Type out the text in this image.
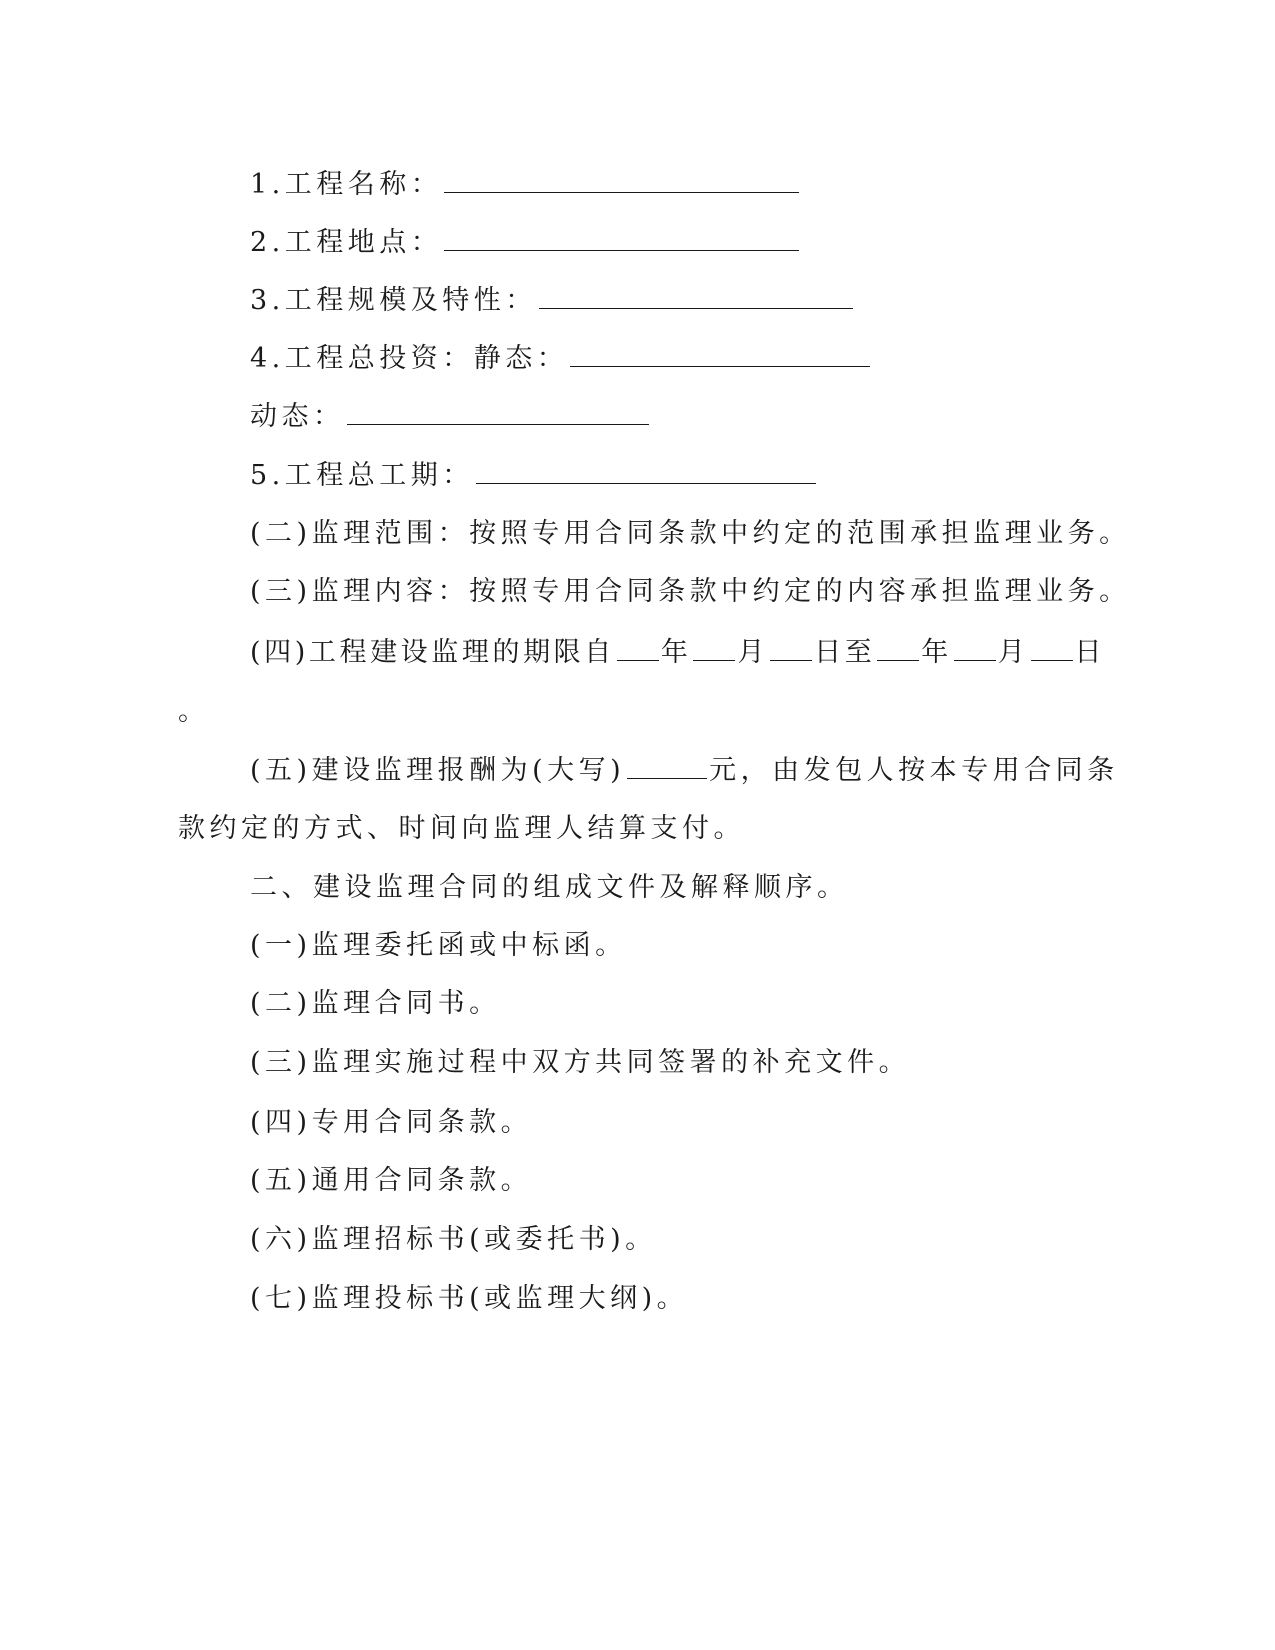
1.工程名称：
2.工程地点：
3.工程规模及特性：
4.工程总投资：静态：
动态：
5.工程总工期：
(二)监理范围：按照专用合同条款中约定的范围承担监理业务。
(三)监理内容：按照专用合同条款中约定的内容承担监理业务。
(四)工程建设监理的期限自 年 月 日至 年 月 日
。
(五)建设监理报酬为(大写)	元，由发包人按本专用合同条
款约定的方式、时间向监理人结算支付。
二、建设监理合同的组成文件及解释顺序。
(一)监理委托函或中标函。
(二)监理合同书。
(三)监理实施过程中双方共同签署的补充文件。
(四)专用合同条款。
(五)通用合同条款。
(六)监理招标书(或委托书)。
(七)监理投标书(或监理大纲)。
